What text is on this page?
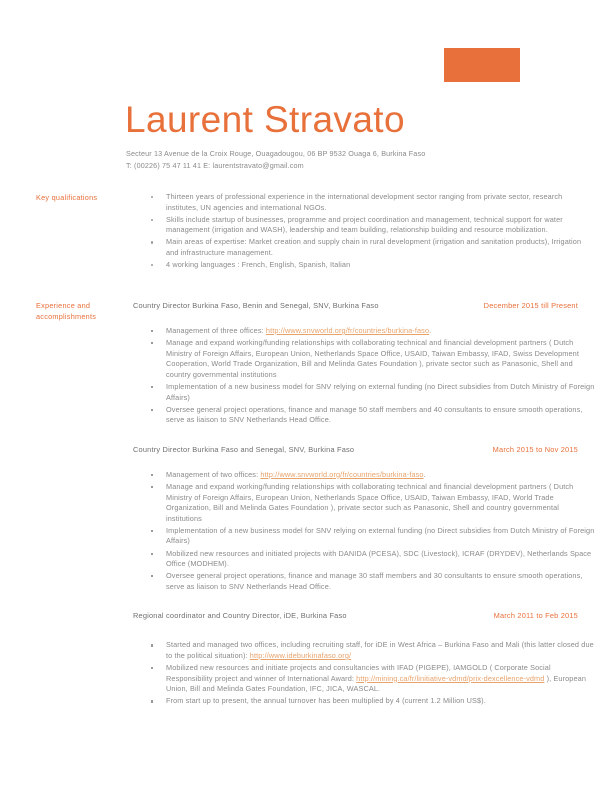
Laurent Stravato
Secteur 13 Avenue de la Croix Rouge, Ouagadougou, 06 BP 9532 Ouaga 6, Burkina Faso
T: (00226) 75 47 11 41 E: laurentstravato@gmail.com
Key qualifications	Thirteen years of professional experience in the international development sector ranging from private sector, research institutes, UN agencies and international NGOs.
Skills include startup of businesses, programme and project coordination and management, technical support for water management (irrigation and WASH), leadership and team building, relationship building and resource mobilization.
Main areas of expertise: Market creation and supply chain in rural development (irrigation and sanitation products), Irrigation and infrastructure management.
4 working languages : French, English, Spanish, Italian
Experience and
accomplishments
Country Director Burkina Faso, Benin and Senegal, SNV, Burkina Faso	December 2015 till Present
Management of three offices: http://www.snvworld.org/fr/countries/burkina-faso.
Manage and expand working/funding relationships with collaborating technical and financial development partners ( Dutch Ministry of Foreign Affairs, European Union, Netherlands Space Office, USAID, Taiwan Embassy, IFAD, Swiss Development Cooperation, World Trade Organization, Bill and Melinda Gates Foundation ), private sector such as Panasonic, Shell and country governmental institutions
Implementation of a new business model for SNV relying on external funding (no Direct subsidies from Dutch Ministry of Foreign Affairs)
Oversee general project operations, finance and manage 50 staff members and 40 consultants to ensure smooth operations, serve as liaison to SNV Netherlands Head Office.
Country Director Burkina Faso and Senegal, SNV, Burkina Faso	March 2015 to Nov 2015
Management of two offices: http://www.snvworld.org/fr/countries/burkina-faso.
Manage and expand working/funding relationships with collaborating technical and financial development partners ( Dutch Ministry of Foreign Affairs, European Union, Netherlands Space Office, USAID, Taiwan Embassy, IFAD, World Trade Organization, Bill and Melinda Gates Foundation ), private sector such as Panasonic, Shell and country governmental institutions
Implementation of a new business model for SNV relying on external funding (no Direct subsidies from Dutch Ministry of Foreign Affairs)
Mobilized new resources and initiated projects with DANIDA (PCESA), SDC (Livestock), ICRAF (DRYDEV), Netherlands Space Office (MODHEM).
Oversee general project operations, finance and manage 30 staff members and 30 consultants to ensure smooth operations, serve as liaison to SNV Netherlands Head Office.
Regional coordinator and Country Director, iDE, Burkina Faso	March 2011 to Feb 2015
Started and managed two offices, including recruiting staff, for iDE in West Africa – Burkina Faso and Mali (this latter closed due to the political situation): http://www.ideburkinafaso.org/
Mobilized new resources and initiate projects and consultancies with IFAD (PIGEPE), IAMGOLD ( Corporate Social Responsibility project and winner of International Award: http://mining.ca/fr/linitiative-vdmd/prix-dexcellence-vdmd ), European Union, Bill and Melinda Gates Foundation, IFC, JICA, WASCAL.
From start up to present, the annual turnover has been multiplied by 4 (current 1.2 Million US$).
